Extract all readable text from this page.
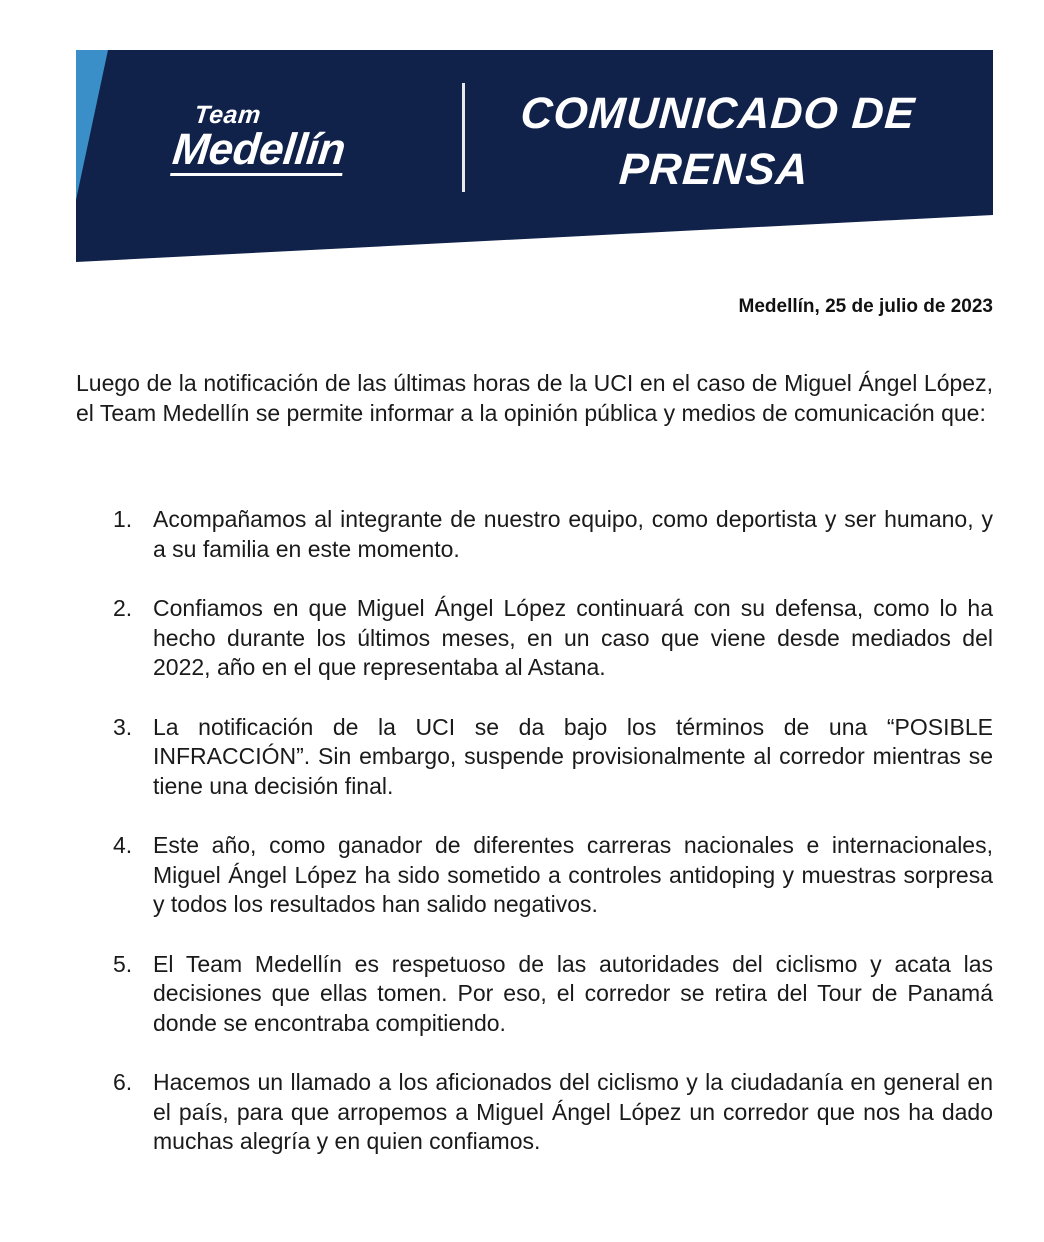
Team
Medellín
COMUNICADO DE
PRENSA
Medellín, 25 de julio de 2023

Luego de la notificación de las últimas horas de la UCI en el caso de Miguel Ángel López, el Team Medellín se permite informar a la opinión pública y medios de comunicación que:

1. Acompañamos al integrante de nuestro equipo, como deportista y ser humano, y a su familia en este momento.
2. Confiamos en que Miguel Ángel López continuará con su defensa, como lo ha hecho durante los últimos meses, en un caso que viene desde mediados del 2022, año en el que representaba al Astana.
3. La notificación de la UCI se da bajo los términos de una “POSIBLE INFRACCIÓN”. Sin embargo, suspende provisionalmente al corredor mientras se tiene una decisión final.
4. Este año, como ganador de diferentes carreras nacionales e internacionales, Miguel Ángel López ha sido sometido a controles antidoping y muestras sorpresa y todos los resultados han salido negativos.
5. El Team Medellín es respetuoso de las autoridades del ciclismo y acata las decisiones que ellas tomen. Por eso, el corredor se retira del Tour de Panamá donde se encontraba compitiendo.
6. Hacemos un llamado a los aficionados del ciclismo y la ciudadanía en general en el país, para que arropemos a Miguel Ángel López un corredor que nos ha dado muchas alegría y en quien confiamos.
